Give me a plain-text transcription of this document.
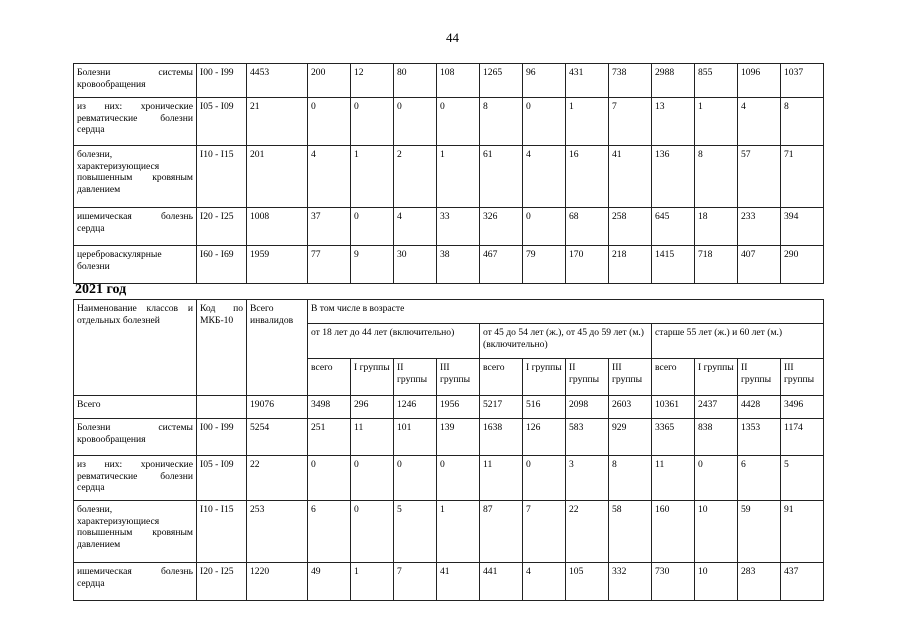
44
Болезни системы кровообращения	I00 - I99	4453	200	12	80	108	1265	96	431	738	2988	855	1096	1037
из них: хронические ревматические болезни сердца	I05 - I09	21	0	0	0	0	8	0	1	7	13	1	4	8
болезни, характеризующиеся повышенным кровяным давлением	I10 - I15	201	4	1	2	1	61	4	16	41	136	8	57	71
ишемическая болезнь сердца	I20 - I25	1008	37	0	4	33	326	0	68	258	645	18	233	394
цереброваскулярные болезни	I60 - I69	1959	77	9	30	38	467	79	170	218	1415	718	407	290
2021 год
Наименование классов и отдельных болезней	Код по МКБ-10	Всего инвалидов	В том числе в возрасте											
			от 18 лет до 44 лет (включительно)				от 45 до 54 лет (ж.), от 45 до 59 лет (м.) (включительно)				старше 55 лет (ж.) и 60 лет (м.)			
			всего	I группы	II группы	III группы	всего	I группы	II группы	III группы	всего	I группы	II группы	III группы
Всего		19076	3498	296	1246	1956	5217	516	2098	2603	10361	2437	4428	3496
Болезни системы кровообращения	I00 - I99	5254	251	11	101	139	1638	126	583	929	3365	838	1353	1174
из них: хронические ревматические болезни сердца	I05 - I09	22	0	0	0	0	11	0	3	8	11	0	6	5
болезни, характеризующиеся повышенным кровяным давлением	I10 - I15	253	6	0	5	1	87	7	22	58	160	10	59	91
ишемическая болезнь сердца	I20 - I25	1220	49	1	7	41	441	4	105	332	730	10	283	437
